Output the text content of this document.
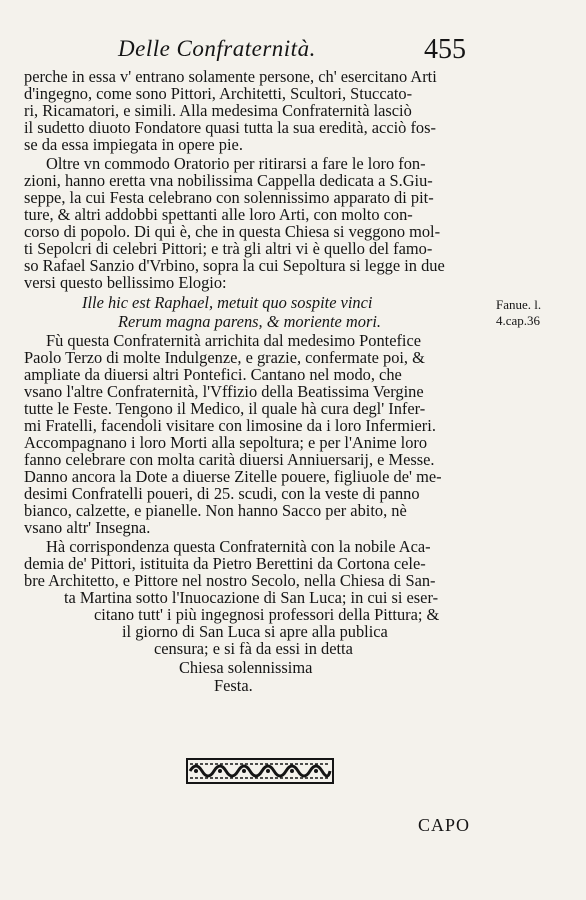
Delle Confraternità.	455
perche in essa v' entrano solamente persone, ch' esercitano Arti
d'ingegno, come sono Pittori, Architetti, Scultori, Stuccato-
ri, Ricamatori, e simili. Alla medesima Confraternità lasciò
il sudetto diuoto Fondatore quasi tutta la sua eredità, acciò fos-
se da essa impiegata in opere pie.
Oltre vn commodo Oratorio per ritirarsi a fare le loro fon-
zioni, hanno eretta vna nobilissima Cappella dedicata a S.Giu-
seppe, la cui Festa celebrano con solennissimo apparato di pit-
ture, & altri addobbi spettanti alle loro Arti, con molto con-
corso di popolo. Di qui è, che in questa Chiesa si veggono mol-
ti Sepolcri di celebri Pittori; e trà gli altri vi è quello del famo-
so Rafael Sanzio d'Vrbino, sopra la cui Sepoltura si legge in due
versi questo bellissimo Elogio:
Ille hic est Raphael, metuit quo sospite vinci
Rerum magna parens, & moriente mori.
Fù questa Confraternità arrichita dal medesimo Pontefice
Paolo Terzo di molte Indulgenze, e grazie, confermate poi, &
ampliate da diuersi altri Pontefici. Cantano nel modo, che
vsano l'altre Confraternità, l'Vffizio della Beatissima Vergine
tutte le Feste. Tengono il Medico, il quale hà cura degl' Infer-
mi Fratelli, facendoli visitare con limosine da i loro Infermieri.
Accompagnano i loro Morti alla sepoltura; e per l'Anime loro
fanno celebrare con molta carità diuersi Anniuersarij, e Messe.
Danno ancora la Dote a diuerse Zitelle pouere, figliuole de' me-
desimi Confratelli poueri, di 25. scudi, con la veste di panno
bianco, calzette, e pianelle. Non hanno Sacco per abito, nè
vsano altr' Insegna.
Hà corrispondenza questa Confraternità con la nobile Aca-
demia de' Pittori, istituita da Pietro Berettini da Cortona cele-
bre Architetto, e Pittore nel nostro Secolo, nella Chiesa di San-
ta Martina sotto l'Inuocazione di San Luca; in cui si eser-
citano tutt' i più ingegnosi professori della Pittura; &
il giorno di San Luca si apre alla publica
censura; e si fà da essi in detta
Chiesa solennissima
Festa.
Fanue. l.
4.cap.36
CAPO
